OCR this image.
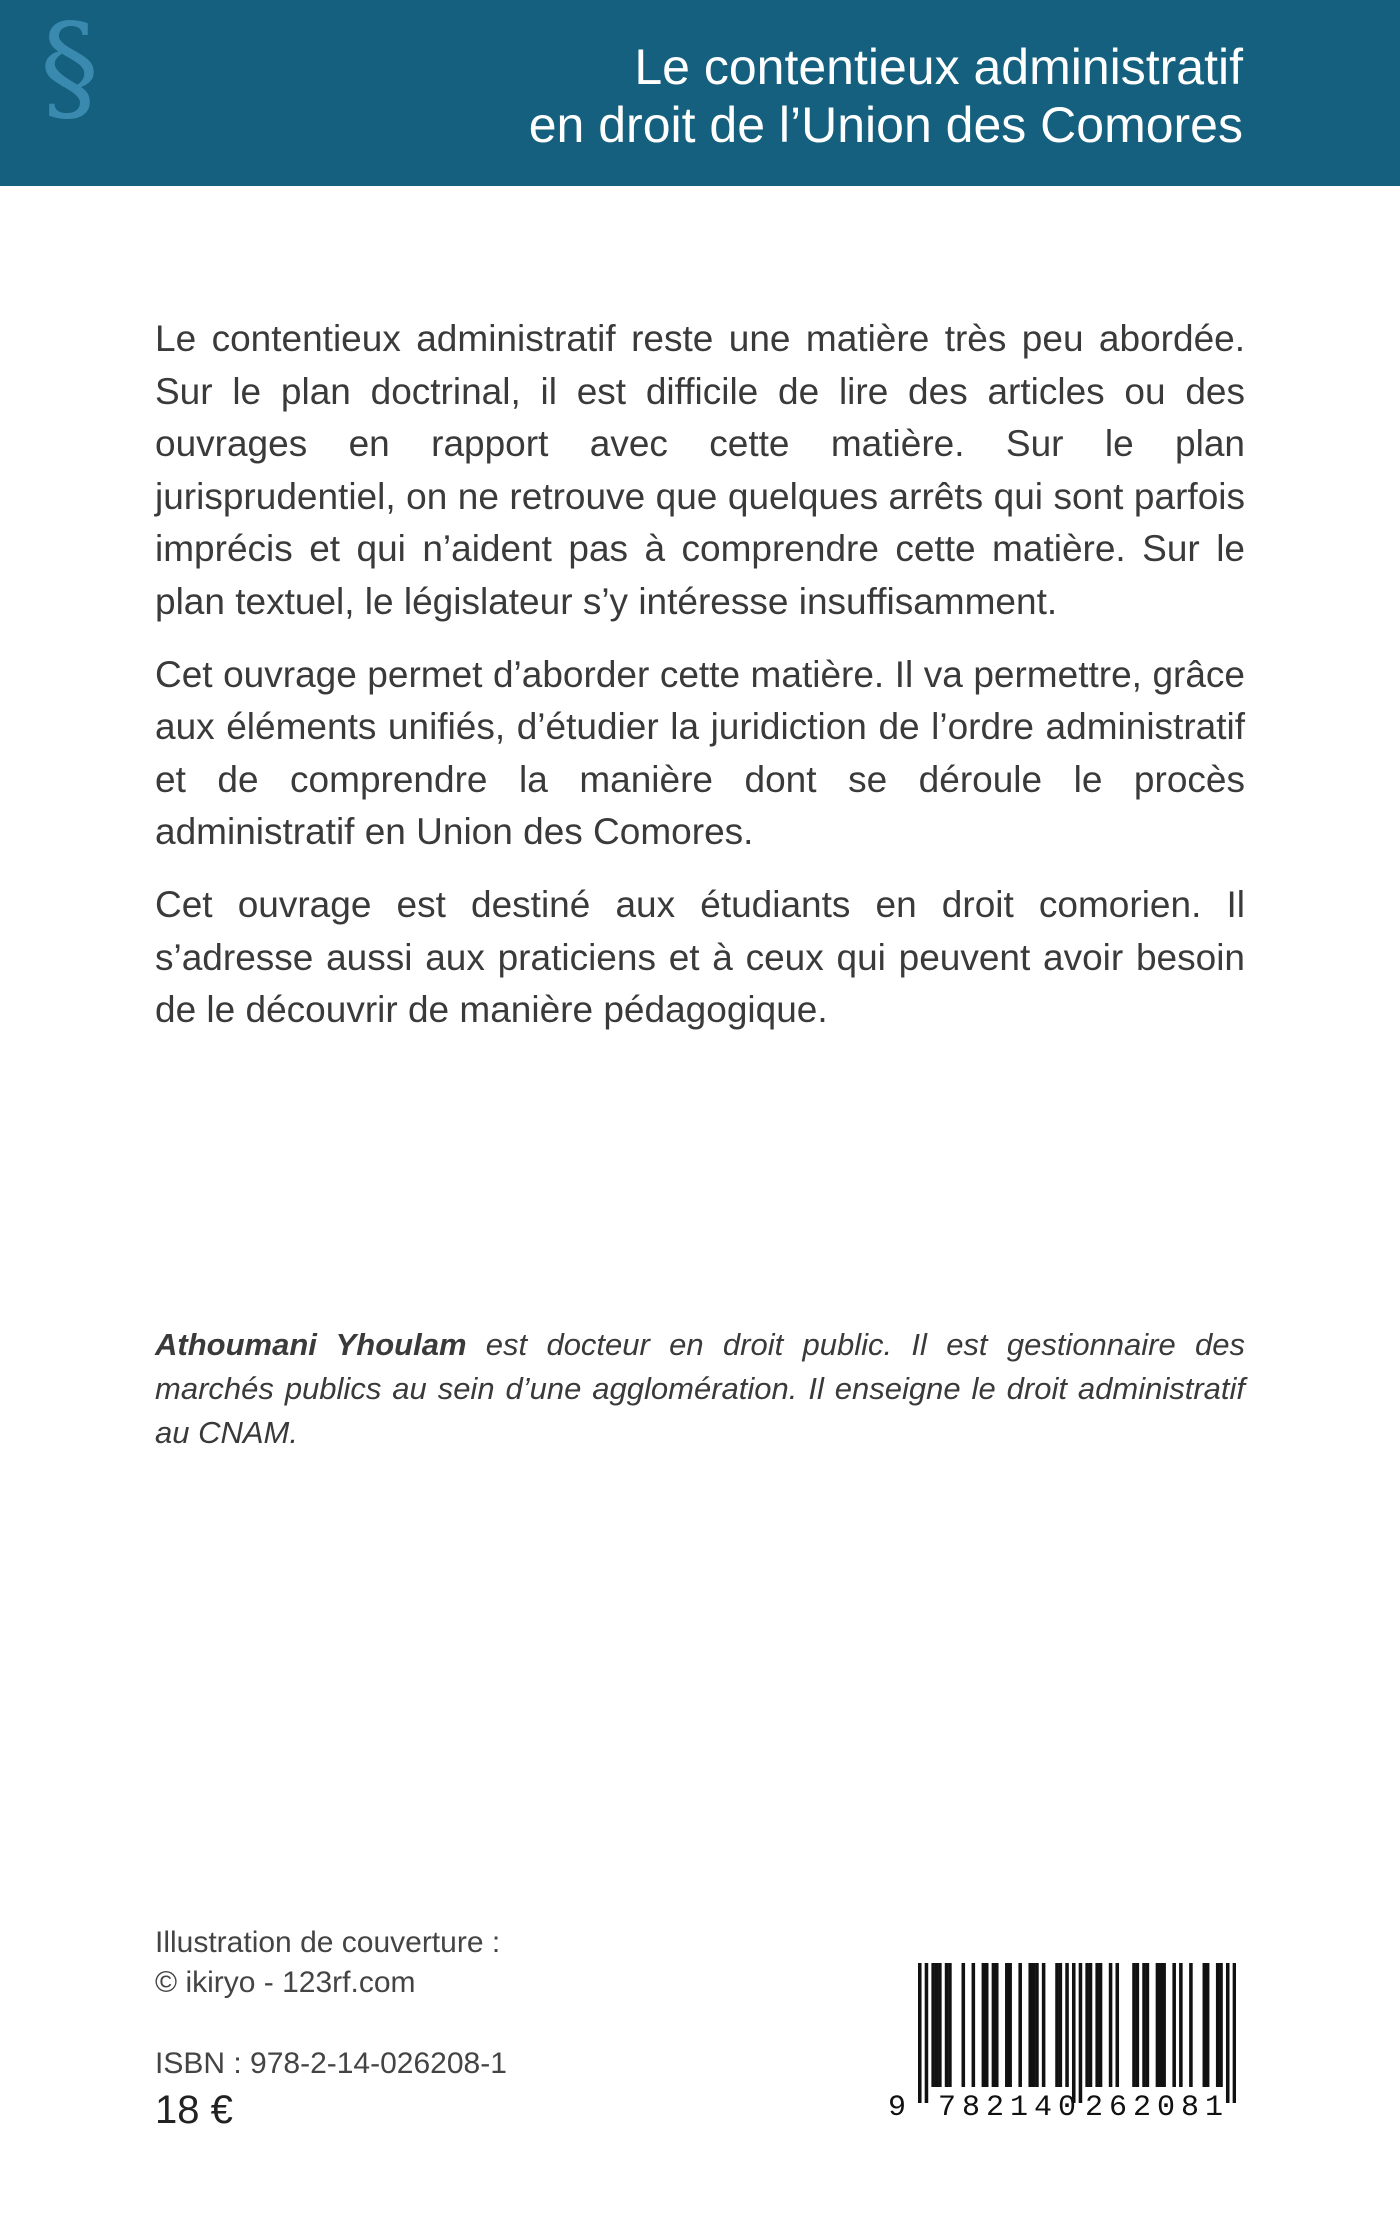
§	Le contentieux administratif
en droit de l’Union des Comores

Le contentieux administratif reste une matière très peu abordée. Sur le plan doctrinal, il est difficile de lire des articles ou des ouvrages en rapport avec cette matière. Sur le plan jurisprudentiel, on ne retrouve que quelques arrêts qui sont parfois imprécis et qui n’aident pas à comprendre cette matière. Sur le plan textuel, le législateur s’y intéresse insuffisamment.

Cet ouvrage permet d’aborder cette matière. Il va permettre, grâce aux éléments unifiés, d’étudier la juridiction de l’ordre administratif et de comprendre la manière dont se déroule le procès administratif en Union des Comores.

Cet ouvrage est destiné aux étudiants en droit comorien. Il s’adresse aussi aux praticiens et à ceux qui peuvent avoir besoin de le découvrir de manière pédagogique.

Athoumani Yhoulam est docteur en droit public. Il est gestionnaire des marchés publics au sein d’une agglomération. Il enseigne le droit administratif au CNAM.

Illustration de couverture :
© ikiryo - 123rf.com
ISBN : 978-2-14-026208-1
18 €	9 782140 262081
